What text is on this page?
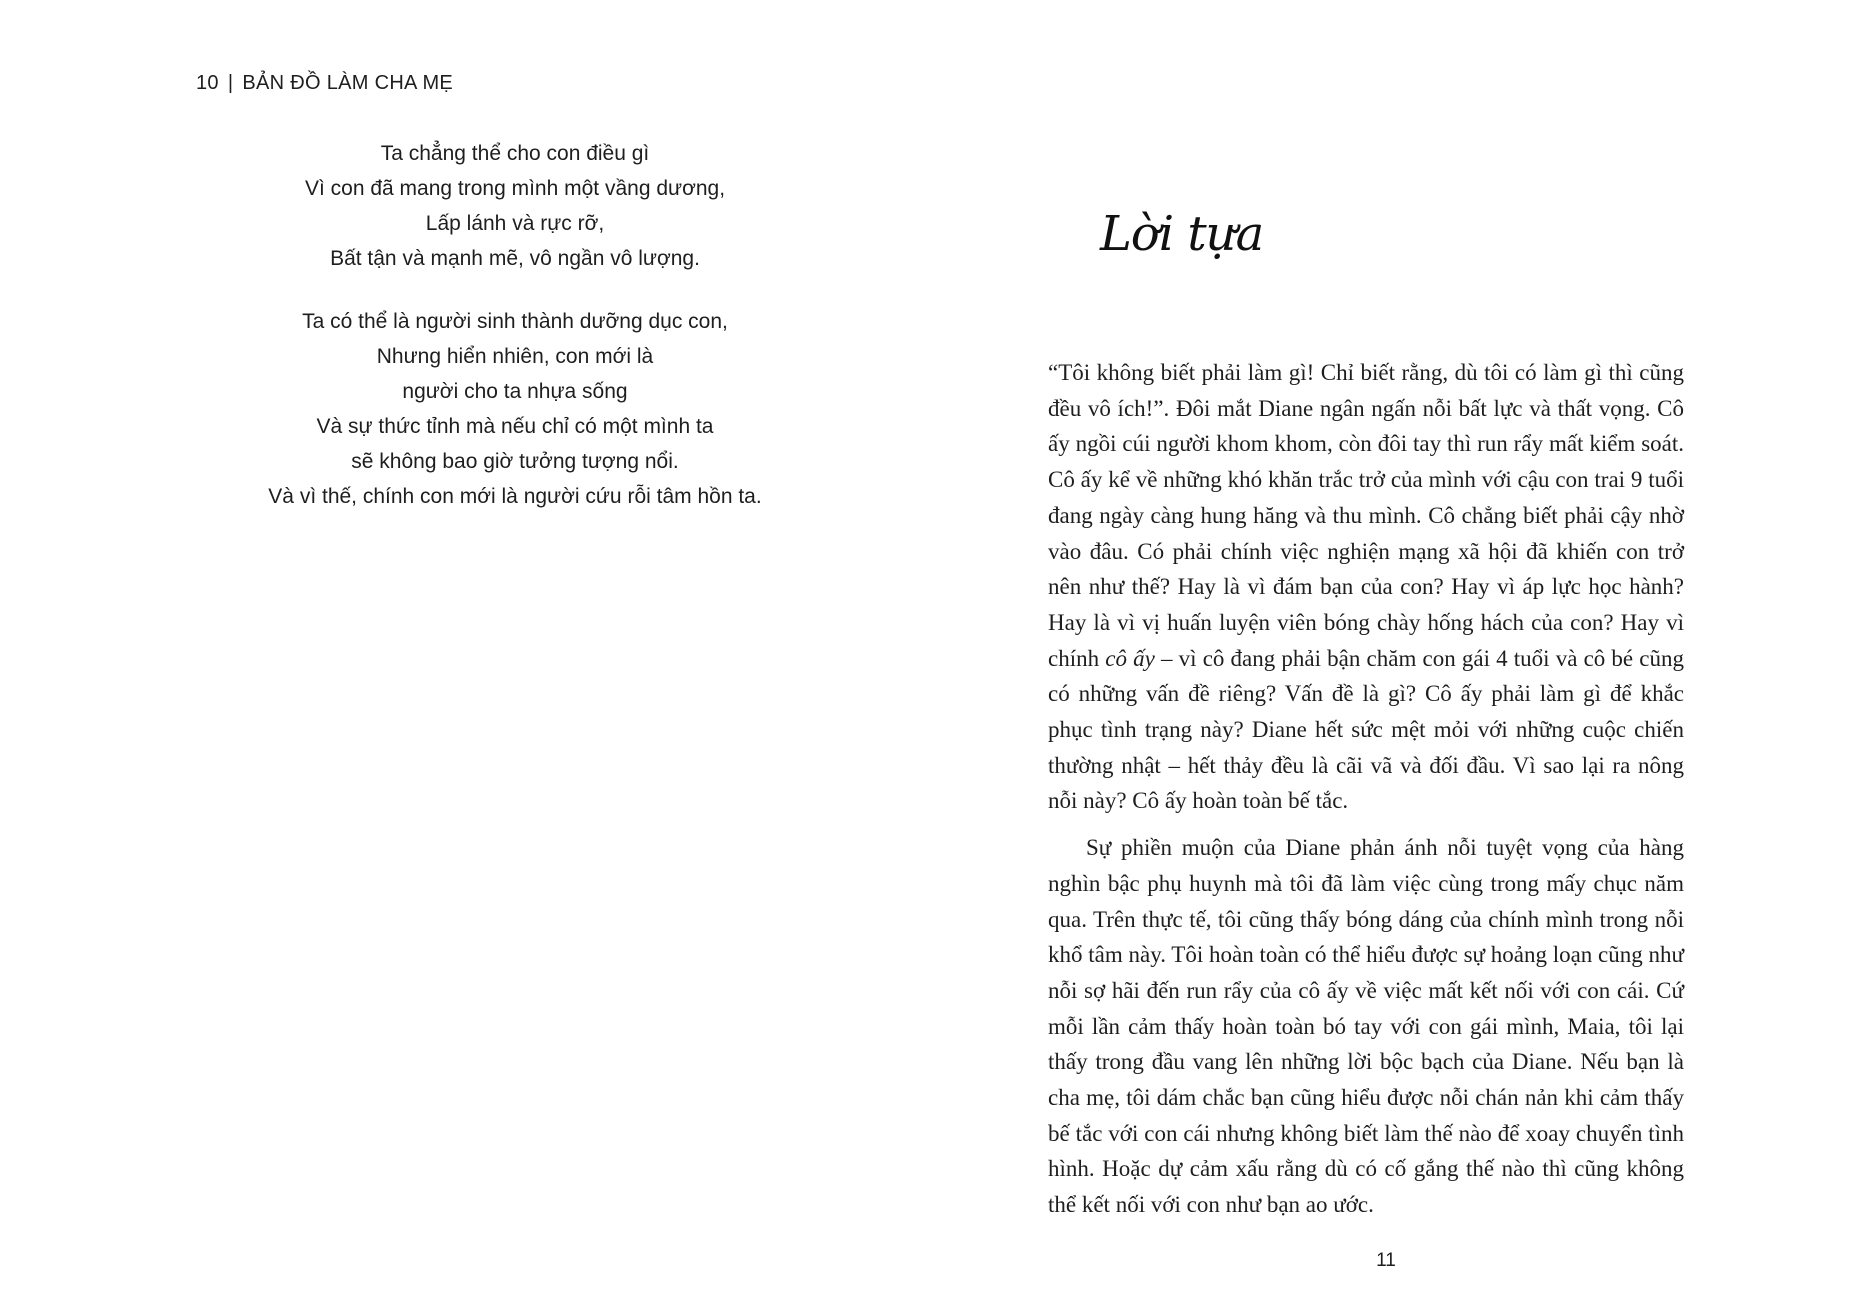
10 | BẢN ĐỒ LÀM CHA MẸ
Ta chẳng thể cho con điều gì
Vì con đã mang trong mình một vầng dương,
Lấp lánh và rực rỡ,
Bất tận và mạnh mẽ, vô ngần vô lượng.
Ta có thể là người sinh thành dưỡng dục con,
Nhưng hiển nhiên, con mới là
người cho ta nhựa sống
Và sự thức tỉnh mà nếu chỉ có một mình ta
sẽ không bao giờ tưởng tượng nổi.
Và vì thế, chính con mới là người cứu rỗi tâm hồn ta.
Lời tựa

“Tôi không biết phải làm gì! Chỉ biết rằng, dù tôi có làm gì thì cũng đều vô ích!”. Đôi mắt Diane ngân ngấn nỗi bất lực và thất vọng. Cô ấy ngồi cúi người khom khom, còn đôi tay thì run rẩy mất kiểm soát. Cô ấy kể về những khó khăn trắc trở của mình với cậu con trai 9 tuổi đang ngày càng hung hăng và thu mình. Cô chẳng biết phải cậy nhờ vào đâu. Có phải chính việc nghiện mạng xã hội đã khiến con trở nên như thế? Hay là vì đám bạn của con? Hay vì áp lực học hành? Hay là vì vị huấn luyện viên bóng chày hống hách của con? Hay vì chính cô ấy – vì cô đang phải bận chăm con gái 4 tuổi và cô bé cũng có những vấn đề riêng? Vấn đề là gì? Cô ấy phải làm gì để khắc phục tình trạng này? Diane hết sức mệt mỏi với những cuộc chiến thường nhật – hết thảy đều là cãi vã và đối đầu. Vì sao lại ra nông nỗi này? Cô ấy hoàn toàn bế tắc.

Sự phiền muộn của Diane phản ánh nỗi tuyệt vọng của hàng nghìn bậc phụ huynh mà tôi đã làm việc cùng trong mấy chục năm qua. Trên thực tế, tôi cũng thấy bóng dáng của chính mình trong nỗi khổ tâm này. Tôi hoàn toàn có thể hiểu được sự hoảng loạn cũng như nỗi sợ hãi đến run rẩy của cô ấy về việc mất kết nối với con cái. Cứ mỗi lần cảm thấy hoàn toàn bó tay với con gái mình, Maia, tôi lại thấy trong đầu vang lên những lời bộc bạch của Diane. Nếu bạn là cha mẹ, tôi dám chắc bạn cũng hiểu được nỗi chán nản khi cảm thấy bế tắc với con cái nhưng không biết làm thế nào để xoay chuyển tình hình. Hoặc dự cảm xấu rằng dù có cố gắng thế nào thì cũng không thể kết nối với con như bạn ao ước.

11
